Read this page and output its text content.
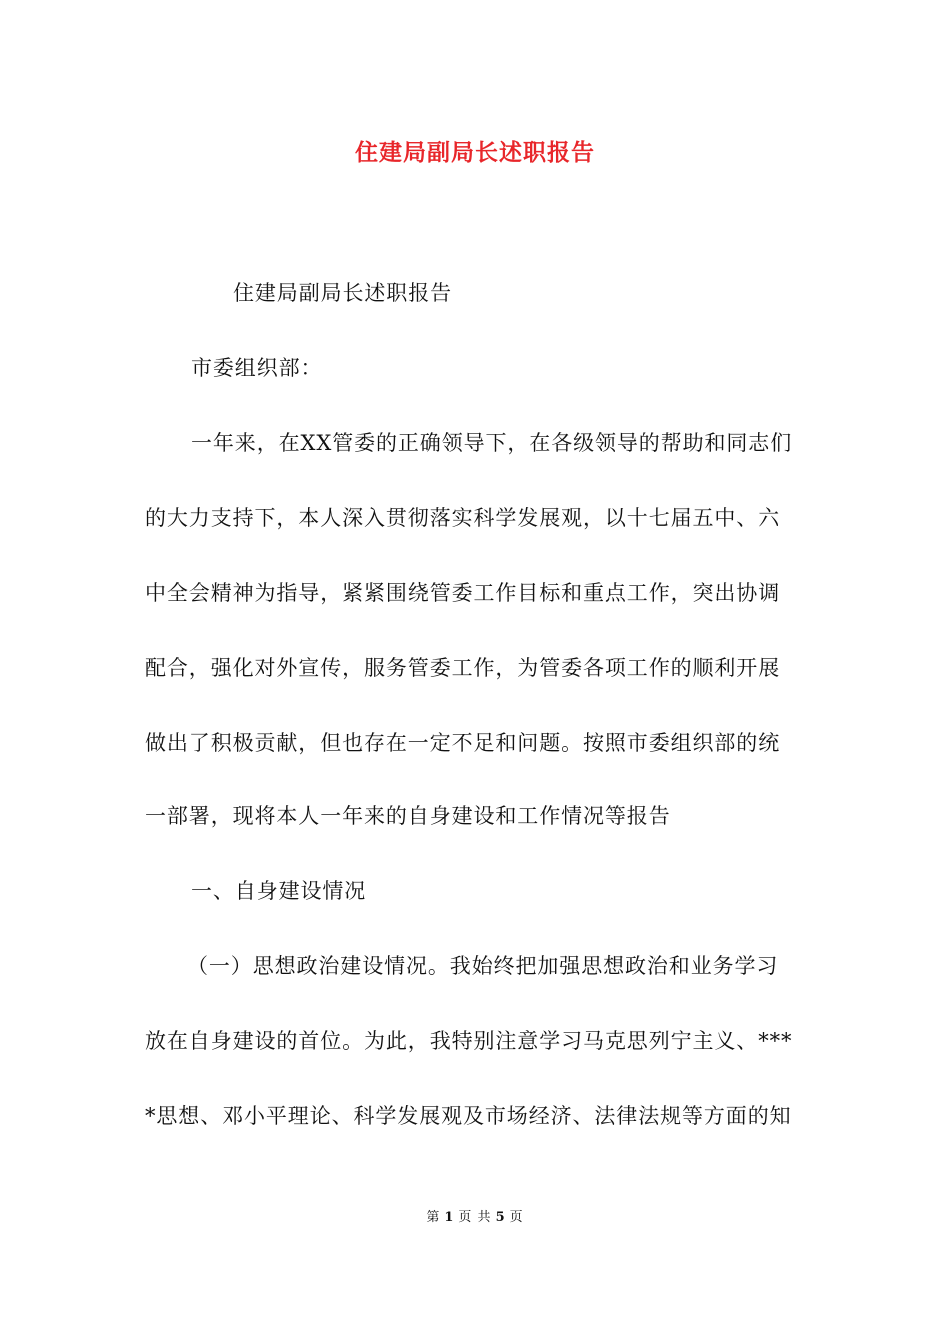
住建局副局长述职报告
住建局副局长述职报告
市委组织部：
一年来，在XX管委的正确领导下，在各级领导的帮助和同志们
的大力支持下，本人深入贯彻落实科学发展观，以十七届五中、六
中全会精神为指导，紧紧围绕管委工作目标和重点工作，突出协调
配合，强化对外宣传，服务管委工作，为管委各项工作的顺利开展
做出了积极贡献，但也存在一定不足和问题。按照市委组织部的统
一部署，现将本人一年来的自身建设和工作情况等报告
一、自身建设情况
（一）思想政治建设情况。我始终把加强思想政治和业务学习
放在自身建设的首位。为此，我特别注意学习马克思列宁主义、***
*思想、邓小平理论、科学发展观及市场经济、法律法规等方面的知
第 1 页 共 5 页
